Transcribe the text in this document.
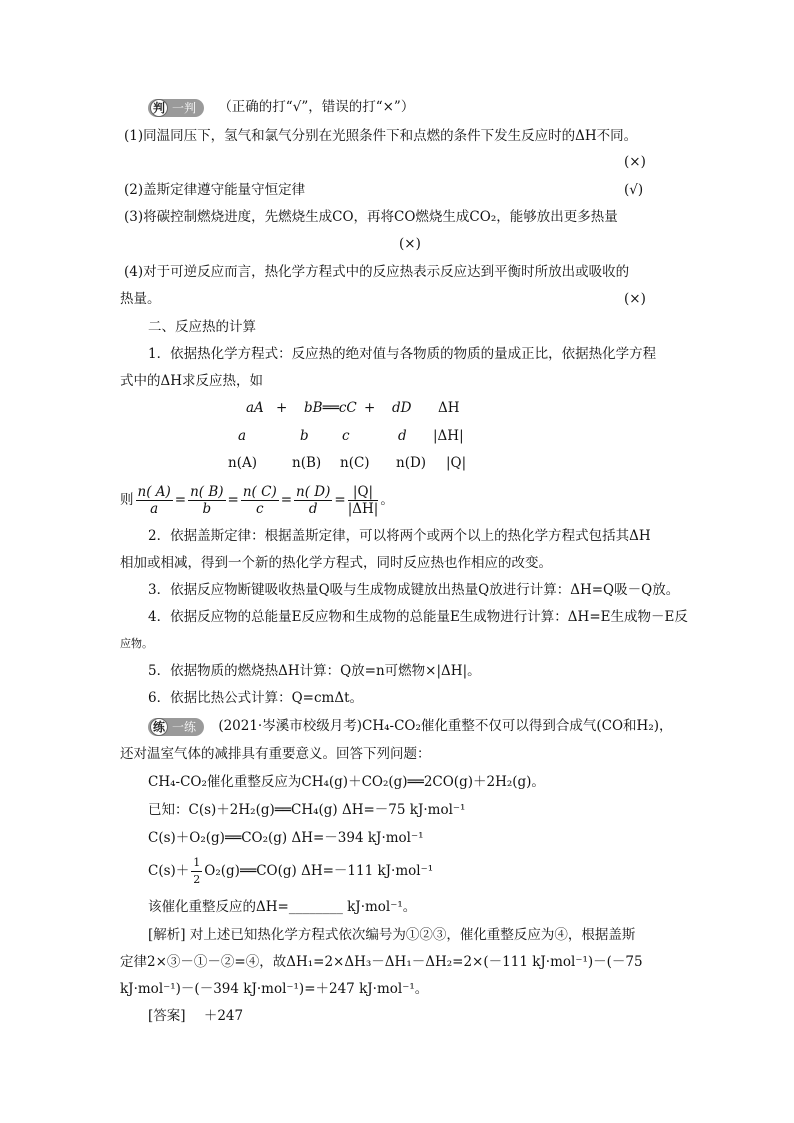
判 一判 （正确的打“√”，错误的打“×”）
(1)同温同压下，氢气和氯气分别在光照条件下和点燃的条件下发生反应时的ΔH不同。
(×)
(2)盖斯定律遵守能量守恒定律	(√)
(3)将碳控制燃烧进度，先燃烧生成CO，再将CO燃烧生成CO₂，能够放出更多热量
(×)
(4)对于可逆反应而言，热化学方程式中的反应热表示反应达到平衡时所放出或吸收的
热量。	(×)
二、反应热的计算
1．依据热化学方程式：反应热的绝对值与各物质的物质的量成正比，依据热化学方程
式中的ΔH求反应热，如
aA + bB══cC + dD ΔH
a	b c	d |ΔH|
n(A)	n(B) n(C) n(D) |Q|
则 $\frac{n( A)}{a} = \frac{n( B)}{b} = \frac{n( C)}{c} = \frac{n( D)}{d} = \frac{|Q|}{|\Delta H|}$ 。
2．依据盖斯定律：根据盖斯定律，可以将两个或两个以上的热化学方程式包括其ΔH
相加或相减，得到一个新的热化学方程式，同时反应热也作相应的改变。
3．依据反应物断键吸收热量Q吸与生成物成键放出热量Q放进行计算：ΔH=Q吸－Q放。
4．依据反应物的总能量E反应物和生成物的总能量E生成物进行计算：ΔH=E生成物－E反
应物。
5．依据物质的燃烧热ΔH计算：Q放=n可燃物×|ΔH|。
6．依据比热公式计算：Q=cmΔt。
练 一练 (2021·岑溪市校级月考)CH₄-CO₂催化重整不仅可以得到合成气(CO和H₂)，
还对温室气体的减排具有重要意义。回答下列问题：
CH₄-CO₂催化重整反应为CH₄(g)＋CO₂(g)══2CO(g)＋2H₂(g)。
已知：C(s)＋2H₂(g)══CH₄(g) ΔH=－75 kJ·mol⁻¹
C(s)＋O₂(g)══CO₂(g) ΔH=－394 kJ·mol⁻¹
$C(s)+ \frac{1}{2}$ O₂(g)══CO(g) ΔH=－111 kJ·mol⁻¹
该催化重整反应的ΔH=________ kJ·mol⁻¹。
[解析] 对上述已知热化学方程式依次编号为①②③，催化重整反应为④，根据盖斯
定律2×③－①－②=④，故ΔH₁=2×ΔH₃－ΔH₁－ΔH₂=2×(－111 kJ·mol⁻¹)－(－75
kJ·mol⁻¹)－(－394 kJ·mol⁻¹)=＋247 kJ·mol⁻¹。
[答案] ＋247
